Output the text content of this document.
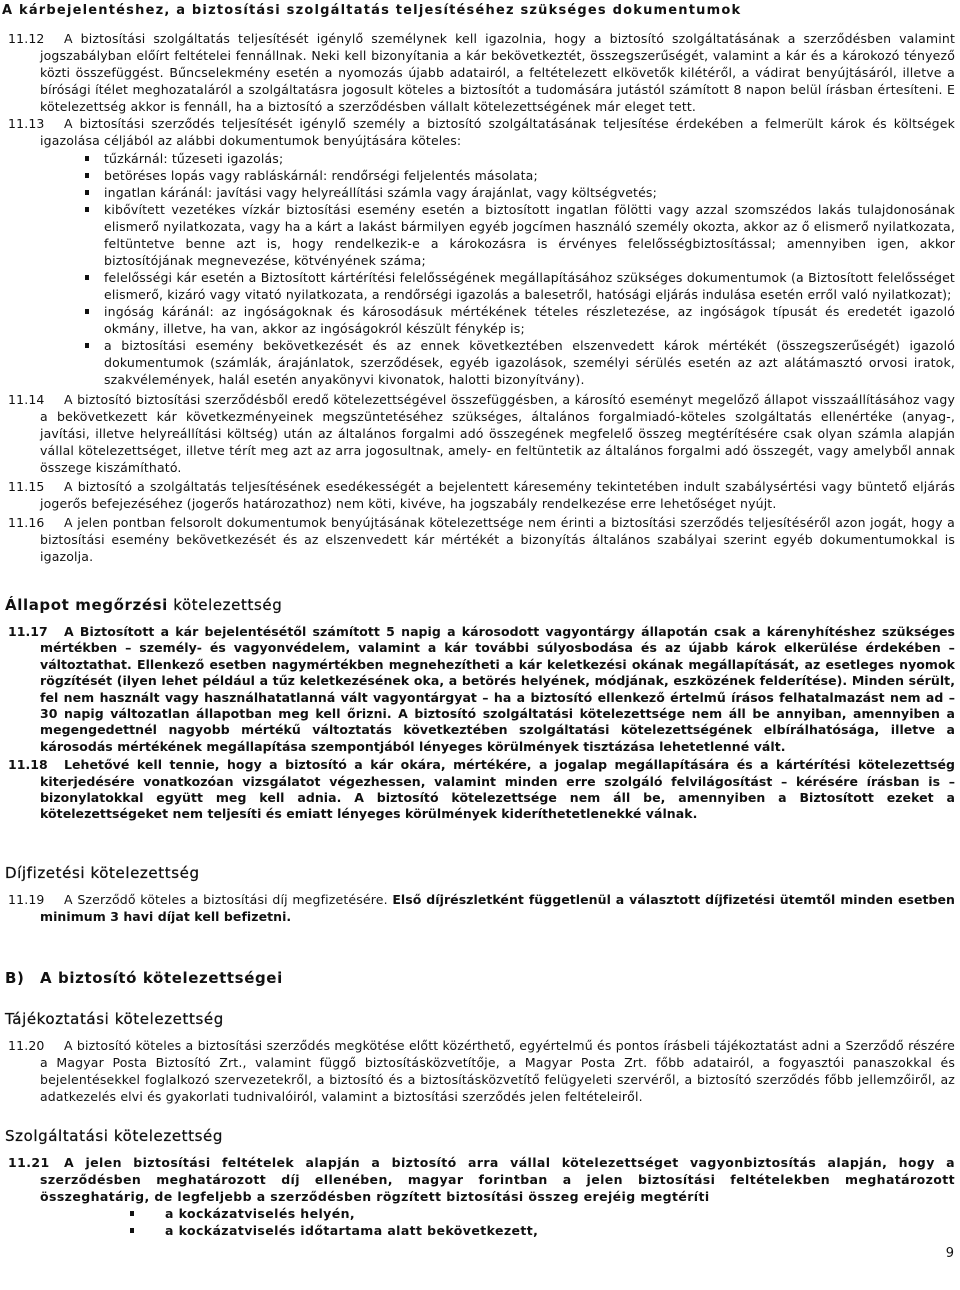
A kárbejelentéshez, a biztosítási szolgáltatás teljesítéséhez szükséges dokumentumok

11.12 A biztosítási szolgáltatás teljesítését igénylő személynek kell igazolnia, hogy a biztosító szolgáltatásának a szerződésben valamint jogszabályban előírt feltételei fennállnak. Neki kell bizonyítania a kár bekövetkeztét, összegszerűségét, valamint a kár és a károkozó tényező közti összefüggést. Bűncselekmény esetén a nyomozás újabb adatairól, a feltételezett elkövetők kilétéről, a vádirat benyújtásáról, illetve a bírósági ítélet meghozataláról a szolgáltatásra jogosult köteles a biztosítót a tudomására jutástól számított 8 napon belül írásban értesíteni. E kötelezettség akkor is fennáll, ha a biztosító a szerződésben vállalt kötelezettségének már eleget tett.

11.13 A biztosítási szerződés teljesítését igénylő személy a biztosító szolgáltatásának teljesítése érdekében a felmerült károk és költségek igazolása céljából az alábbi dokumentumok benyújtására köteles:

tűzkárnál: tűzeseti igazolás;
betöréses lopás vagy rabláskárnál: rendőrségi feljelentés másolata;
ingatlan káránál: javítási vagy helyreállítási számla vagy árajánlat, vagy költségvetés;
kibővített vezetékes vízkár biztosítási esemény esetén a biztosított ingatlan fölötti vagy azzal szomszédos lakás tulajdonosának elismerő nyilatkozata, vagy ha a kárt a lakást bármilyen egyéb jogcímen használó személy okozta, akkor az ő elismerő nyilatkozata, feltüntetve benne azt is, hogy rendelkezik-e a károkozásra is érvényes felelősségbiztosítással; amennyiben igen, akkor biztosítójának megnevezése, kötvényének száma;
felelősségi kár esetén a Biztosított kártérítési felelősségének megállapításához szükséges dokumentumok (a Biztosított felelősséget elismerő, kizáró vagy vitató nyilatkozata, a rendőrségi igazolás a balesetről, hatósági eljárás indulása esetén erről való nyilatkozat);
ingóság káránál: az ingóságoknak és károsodásuk mértékének tételes részletezése, az ingóságok típusát és eredetét igazoló okmány, illetve, ha van, akkor az ingóságokról készült fénykép is;
a biztosítási esemény bekövetkezését és az ennek következtében elszenvedett károk mértékét (összegszerűségét) igazoló dokumentumok (számlák, árajánlatok, szerződések, egyéb igazolások, személyi sérülés esetén az azt alátámasztó orvosi iratok, szakvélemények, halál esetén anyakönyvi kivonatok, halotti bizonyítvány).

11.14 A biztosító biztosítási szerződésből eredő kötelezettségével összefüggésben, a károsító eseményt megelőző állapot visszaállításához vagy a bekövetkezett kár következményeinek megszüntetéséhez szükséges, általános forgalmiadó-köteles szolgáltatás ellenértéke (anyag-, javítási, illetve helyreállítási költség) után az általános forgalmi adó összegének megfelelő összeg megtérítésére csak olyan számla alapján vállal kötelezettséget, illetve térít meg azt az arra jogosultnak, amely- en feltüntetik az általános forgalmi adó összegét, vagy amelyből annak összege kiszámítható.

11.15 A biztosító a szolgáltatás teljesítésének esedékességét a bejelentett káresemény tekintetében indult szabálysértési vagy büntető eljárás jogerős befejezéséhez (jogerős határozathoz) nem köti, kivéve, ha jogszabály rendelkezése erre lehetőséget nyújt.

11.16 A jelen pontban felsorolt dokumentumok benyújtásának kötelezettsége nem érinti a biztosítási szerződés teljesítéséről azon jogát, hogy a biztosítási esemény bekövetkezését és az elszenvedett kár mértékét a bizonyítás általános szabályai szerint egyéb dokumentumokkal is igazolja.

Állapot megőrzési kötelezettség

11.17 A Biztosított a kár bejelentésétől számított 5 napig a károsodott vagyontárgy állapotán csak a kárenyhítéshez szükséges mértékben – személy- és vagyonvédelem, valamint a kár további súlyosbodása és az újabb károk elkerülése érdekében – változtathat. Ellenkező esetben nagymértékben megnehezítheti a kár keletkezési okának megállapítását, az esetleges nyomok rögzítését (ilyen lehet például a tűz keletkezésének oka, a betörés helyének, módjának, eszközének felderítése). Minden sérült, fel nem használt vagy használhatatlanná vált vagyontárgyat – ha a biztosító ellenkező értelmű írásos felhatalmazást nem ad – 30 napig változatlan állapotban meg kell őrizni. A biztosító szolgáltatási kötelezettsége nem áll be annyiban, amennyiben a megengedettnél nagyobb mértékű változtatás következtében szolgáltatási kötelezettségének elbírálhatósága, illetve a károsodás mértékének megállapítása szempontjából lényeges körülmények tisztázása lehetetlenné vált.

11.18 Lehetővé kell tennie, hogy a biztosító a kár okára, mértékére, a jogalap megállapítására és a kártérítési kötelezettség kiterjedésére vonatkozóan vizsgálatot végezhessen, valamint minden erre szolgáló felvilágosítást – kérésére írásban is – bizonylatokkal együtt meg kell adnia. A biztosító kötelezettsége nem áll be, amennyiben a Biztosított ezeket a kötelezettségeket nem teljesíti és emiatt lényeges körülmények kideríthetetlenekké válnak.

Díjfizetési kötelezettség

11.19 A Szerződő köteles a biztosítási díj megfizetésére. Első díjrészletként függetlenül a választott díjfizetési ütemtől minden esetben minimum 3 havi díjat kell befizetni.

B) A biztosító kötelezettségei
Tájékoztatási kötelezettség

11.20 A biztosító köteles a biztosítási szerződés megkötése előtt közérthető, egyértelmű és pontos írásbeli tájékoztatást adni a Szerződő részére a Magyar Posta Biztosító Zrt., valamint függő biztosításközvetítője, a Magyar Posta Zrt. főbb adatairól, a fogyasztói panaszokkal és bejelentésekkel foglalkozó szervezetekről, a biztosító és a biztosításközvetítő felügyeleti szervéről, a biztosító szerződés főbb jellemzőiről, az adatkezelés elvi és gyakorlati tudnivalóiról, valamint a biztosítási szerződés jelen feltételeiről.

Szolgáltatási kötelezettség

11.21 A jelen biztosítási feltételek alapján a biztosító arra vállal kötelezettséget vagyonbiztosítás alapján, hogy a szerződésben meghatározott díj ellenében, magyar forintban a jelen biztosítási feltételekben meghatározott összeghatárig, de legfeljebb a szerződésben rögzített biztosítási összeg erejéig megtéríti

a kockázatviselés helyén,
a kockázatviselés időtartama alatt bekövetkezett,
9
